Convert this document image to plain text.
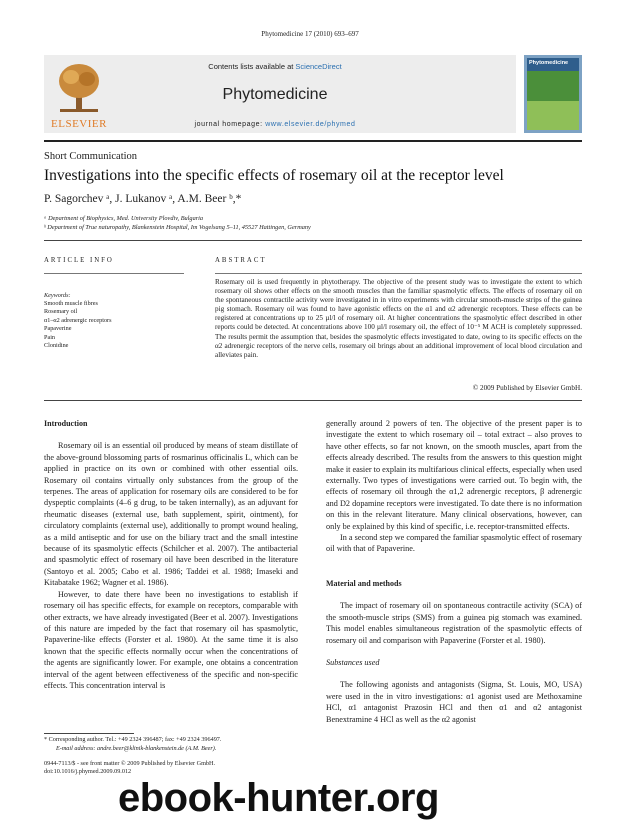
Phytomedicine 17 (2010) 693–697
ELSEVIER
Contents lists available at ScienceDirect
Phytomedicine
journal homepage: www.elsevier.de/phymed
Phytomedicine
Short Communication
Investigations into the specific effects of rosemary oil at the receptor level
P. Sagorchev ᵃ, J. Lukanov ᵃ, A.M. Beer ᵇ,*
ᵃ Department of Biophysics, Med. University Plovdiv, Bulgaria
ᵇ Department of True naturopathy, Blankenstein Hospital, Im Vogelsang 5–11, 45527 Hattingen, Germany
ARTICLE INFO
Keywords:
Smooth muscle fibres
Rosemary oil
α1–α2 adrenergic receptors
Papaverine
Pain
Clonidine
ABSTRACT
Rosemary oil is used frequently in phytotherapy. The objective of the present study was to investigate the extent to which rosemary oil shows other effects on the smooth muscles than the familiar spasmolytic effects. The effects of rosemary oil on the spontaneous contractile activity were investigated in in vitro experiments with circular smooth-muscle strips of the guinea pig stomach. Rosemary oil was found to have agonistic effects on the α1 and α2 adrenergic receptors. These effects can be registered at concentrations up to 25 µl/l of rosemary oil. At higher concentrations the spasmolytic effect described in other reports could be detected. At concentrations above 100 µl/l rosemary oil, the effect of 10⁻⁵ M ACH is completely suppressed. The results permit the assumption that, besides the spasmolytic effects investigated to date, owing to its specific effects on the α2 adrenergic receptors of the nerve cells, rosemary oil brings about an additional improvement of local blood circulation and alleviates pain.
© 2009 Published by Elsevier GmbH.

Introduction

Rosemary oil is an essential oil produced by means of steam distillate of the above-ground blossoming parts of rosmarinus officinalis L, which can be applied in practice on its own or combined with other essential oils. Rosemary oil contains virtually only substances from the group of the terpenes. The areas of application for rosemary oils are considered to be for dyspeptic complaints (4–6 g drug, to be taken internally), as an adjuvant for rheumatic diseases (external use, bath supplement, spirit, ointment), for circulatory complaints (external use), additionally to prompt wound healing, as a mild antiseptic and for use on the biliary tract and the small intestine because of its spasmolytic effects (Schilcher et al. 2007). The antibacterial and spasmolytic effect of rosemary oil have been described in the literature (Santoyo et al. 2005; Cabo et al. 1986; Taddei et al. 1988; Imaseki and Kitabatake 1962; Wagner et al. 1986).

However, to date there have been no investigations to establish if rosemary oil has specific effects, for example on receptors, comparable with other extracts, we have already investigated (Beer et al. 2007). Investigations of this nature are impeded by the fact that rosemary oil has spasmolytic, Papaverine-like effects (Forster et al. 1980). At the same time it is also known that the specific effects normally occur when the concentrations of the agents are significantly lower. For example, one obtains a concentration interval of the agent between effectiveness of the specific and non-specific effects. This concentration interval is

generally around 2 powers of ten. The objective of the present paper is to investigate the extent to which rosemary oil – total extract – also proves to have other effects, so far not known, on the smooth muscles, apart from the effects already described. The results from the answers to this question might make it easier to explain its multifarious clinical effects, especially when used externally. Two types of investigations were carried out. To begin with, the effects of rosemary oil through the α1,2 adrenergic receptors, β adrenergic and D2 dopamine receptors were investigated. To date there is no information on this in the relevant literature. Many clinical observations, however, can only be explained by this kind of specific, i.e. receptor-transmitted effects.

In a second step we compared the familiar spasmolytic effect of rosemary oil with that of Papaverine.

Material and methods

The impact of rosemary oil on spontaneous contractile activity (SCA) of the smooth-muscle strips (SMS) from a guinea pig stomach was examined. This model enables simultaneous registration of the spasmolytic effects of rosemary oil and comparison with Papaverine (Forster et al. 1980).

Substances used

The following agonists and antagonists (Sigma, St. Louis, MO, USA) were used in the in vitro investigations: α1 agonist used are Methoxamine HCl, α1 antagonist Prazosin HCl and then α1 and α2 antagonist Benextramine 4 HCl as well as the α2 agonist

* Corresponding author. Tel.: +49 2324 396487; fax: +49 2324 396497.
E-mail address: andre.beer@klinik-blankenstein.de (A.M. Beer).
0944-7113/$ - see front matter © 2009 Published by Elsevier GmbH.
doi:10.1016/j.phymed.2009.09.012
ebook-hunter.org
